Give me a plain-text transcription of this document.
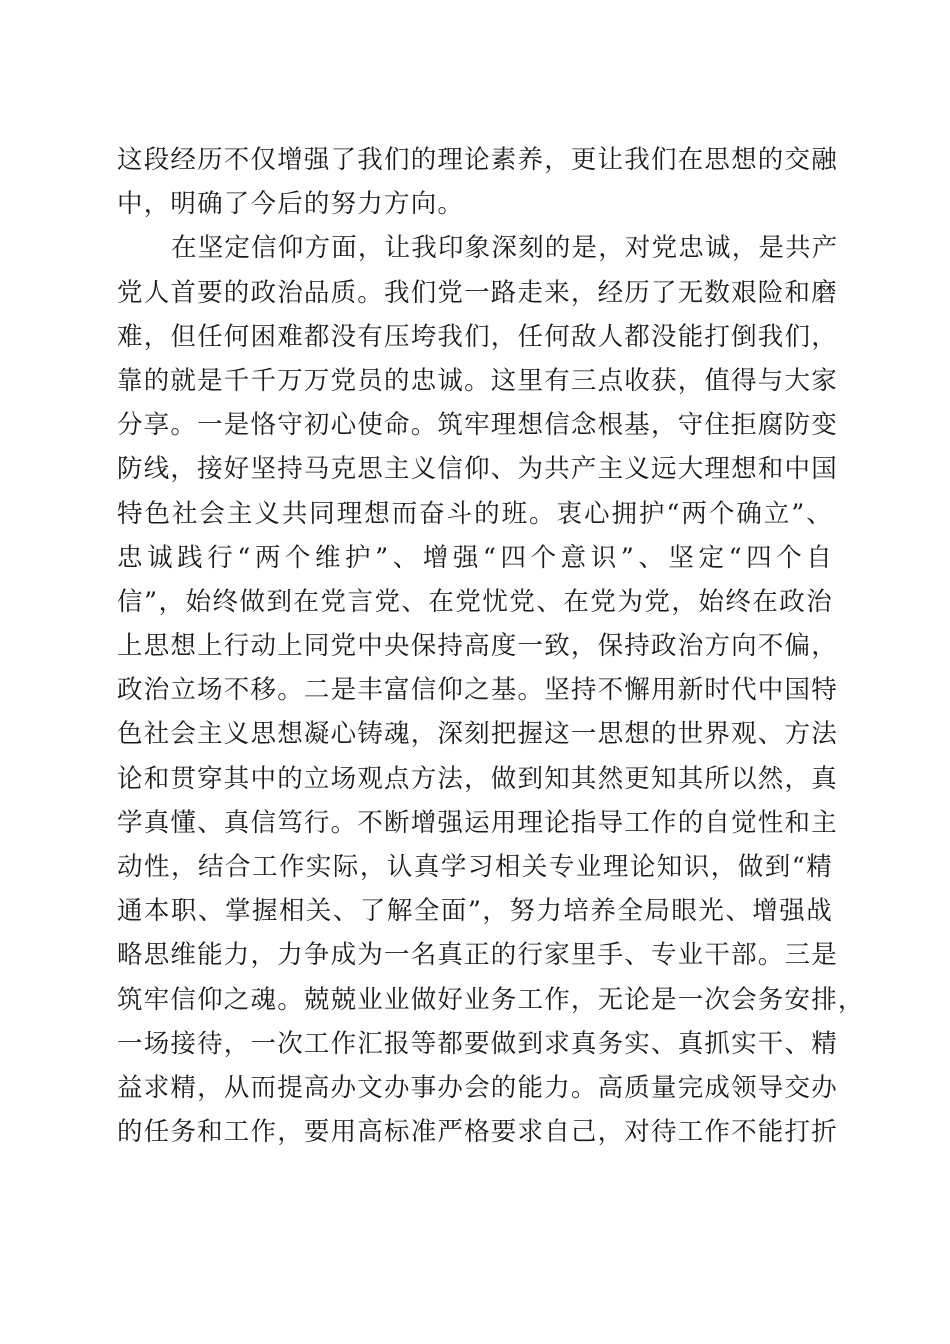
这段经历不仅增强了我们的理论素养，更让我们在思想的交融
中，明确了今后的努力方向。
在坚定信仰方面，让我印象深刻的是，对党忠诚，是共产
党人首要的政治品质。我们党一路走来，经历了无数艰险和磨
难，但任何困难都没有压垮我们，任何敌人都没能打倒我们，
靠的就是千千万万党员的忠诚。这里有三点收获，值得与大家
分享。一是恪守初心使命。筑牢理想信念根基，守住拒腐防变
防线，接好坚持马克思主义信仰、为共产主义远大理想和中国
特色社会主义共同理想而奋斗的班。衷心拥护“两个确立”、
忠诚践行“两个维护”、增强“四个意识”、坚定“四个自
信”，始终做到在党言党、在党忧党、在党为党，始终在政治
上思想上行动上同党中央保持高度一致，保持政治方向不偏，
政治立场不移。二是丰富信仰之基。坚持不懈用新时代中国特
色社会主义思想凝心铸魂，深刻把握这一思想的世界观、方法
论和贯穿其中的立场观点方法，做到知其然更知其所以然，真
学真懂、真信笃行。不断增强运用理论指导工作的自觉性和主
动性，结合工作实际，认真学习相关专业理论知识，做到“精
通本职、掌握相关、了解全面”，努力培养全局眼光、增强战
略思维能力，力争成为一名真正的行家里手、专业干部。三是
筑牢信仰之魂。兢兢业业做好业务工作，无论是一次会务安排，
一场接待，一次工作汇报等都要做到求真务实、真抓实干、精
益求精，从而提高办文办事办会的能力。高质量完成领导交办
的任务和工作，要用高标准严格要求自己，对待工作不能打折
